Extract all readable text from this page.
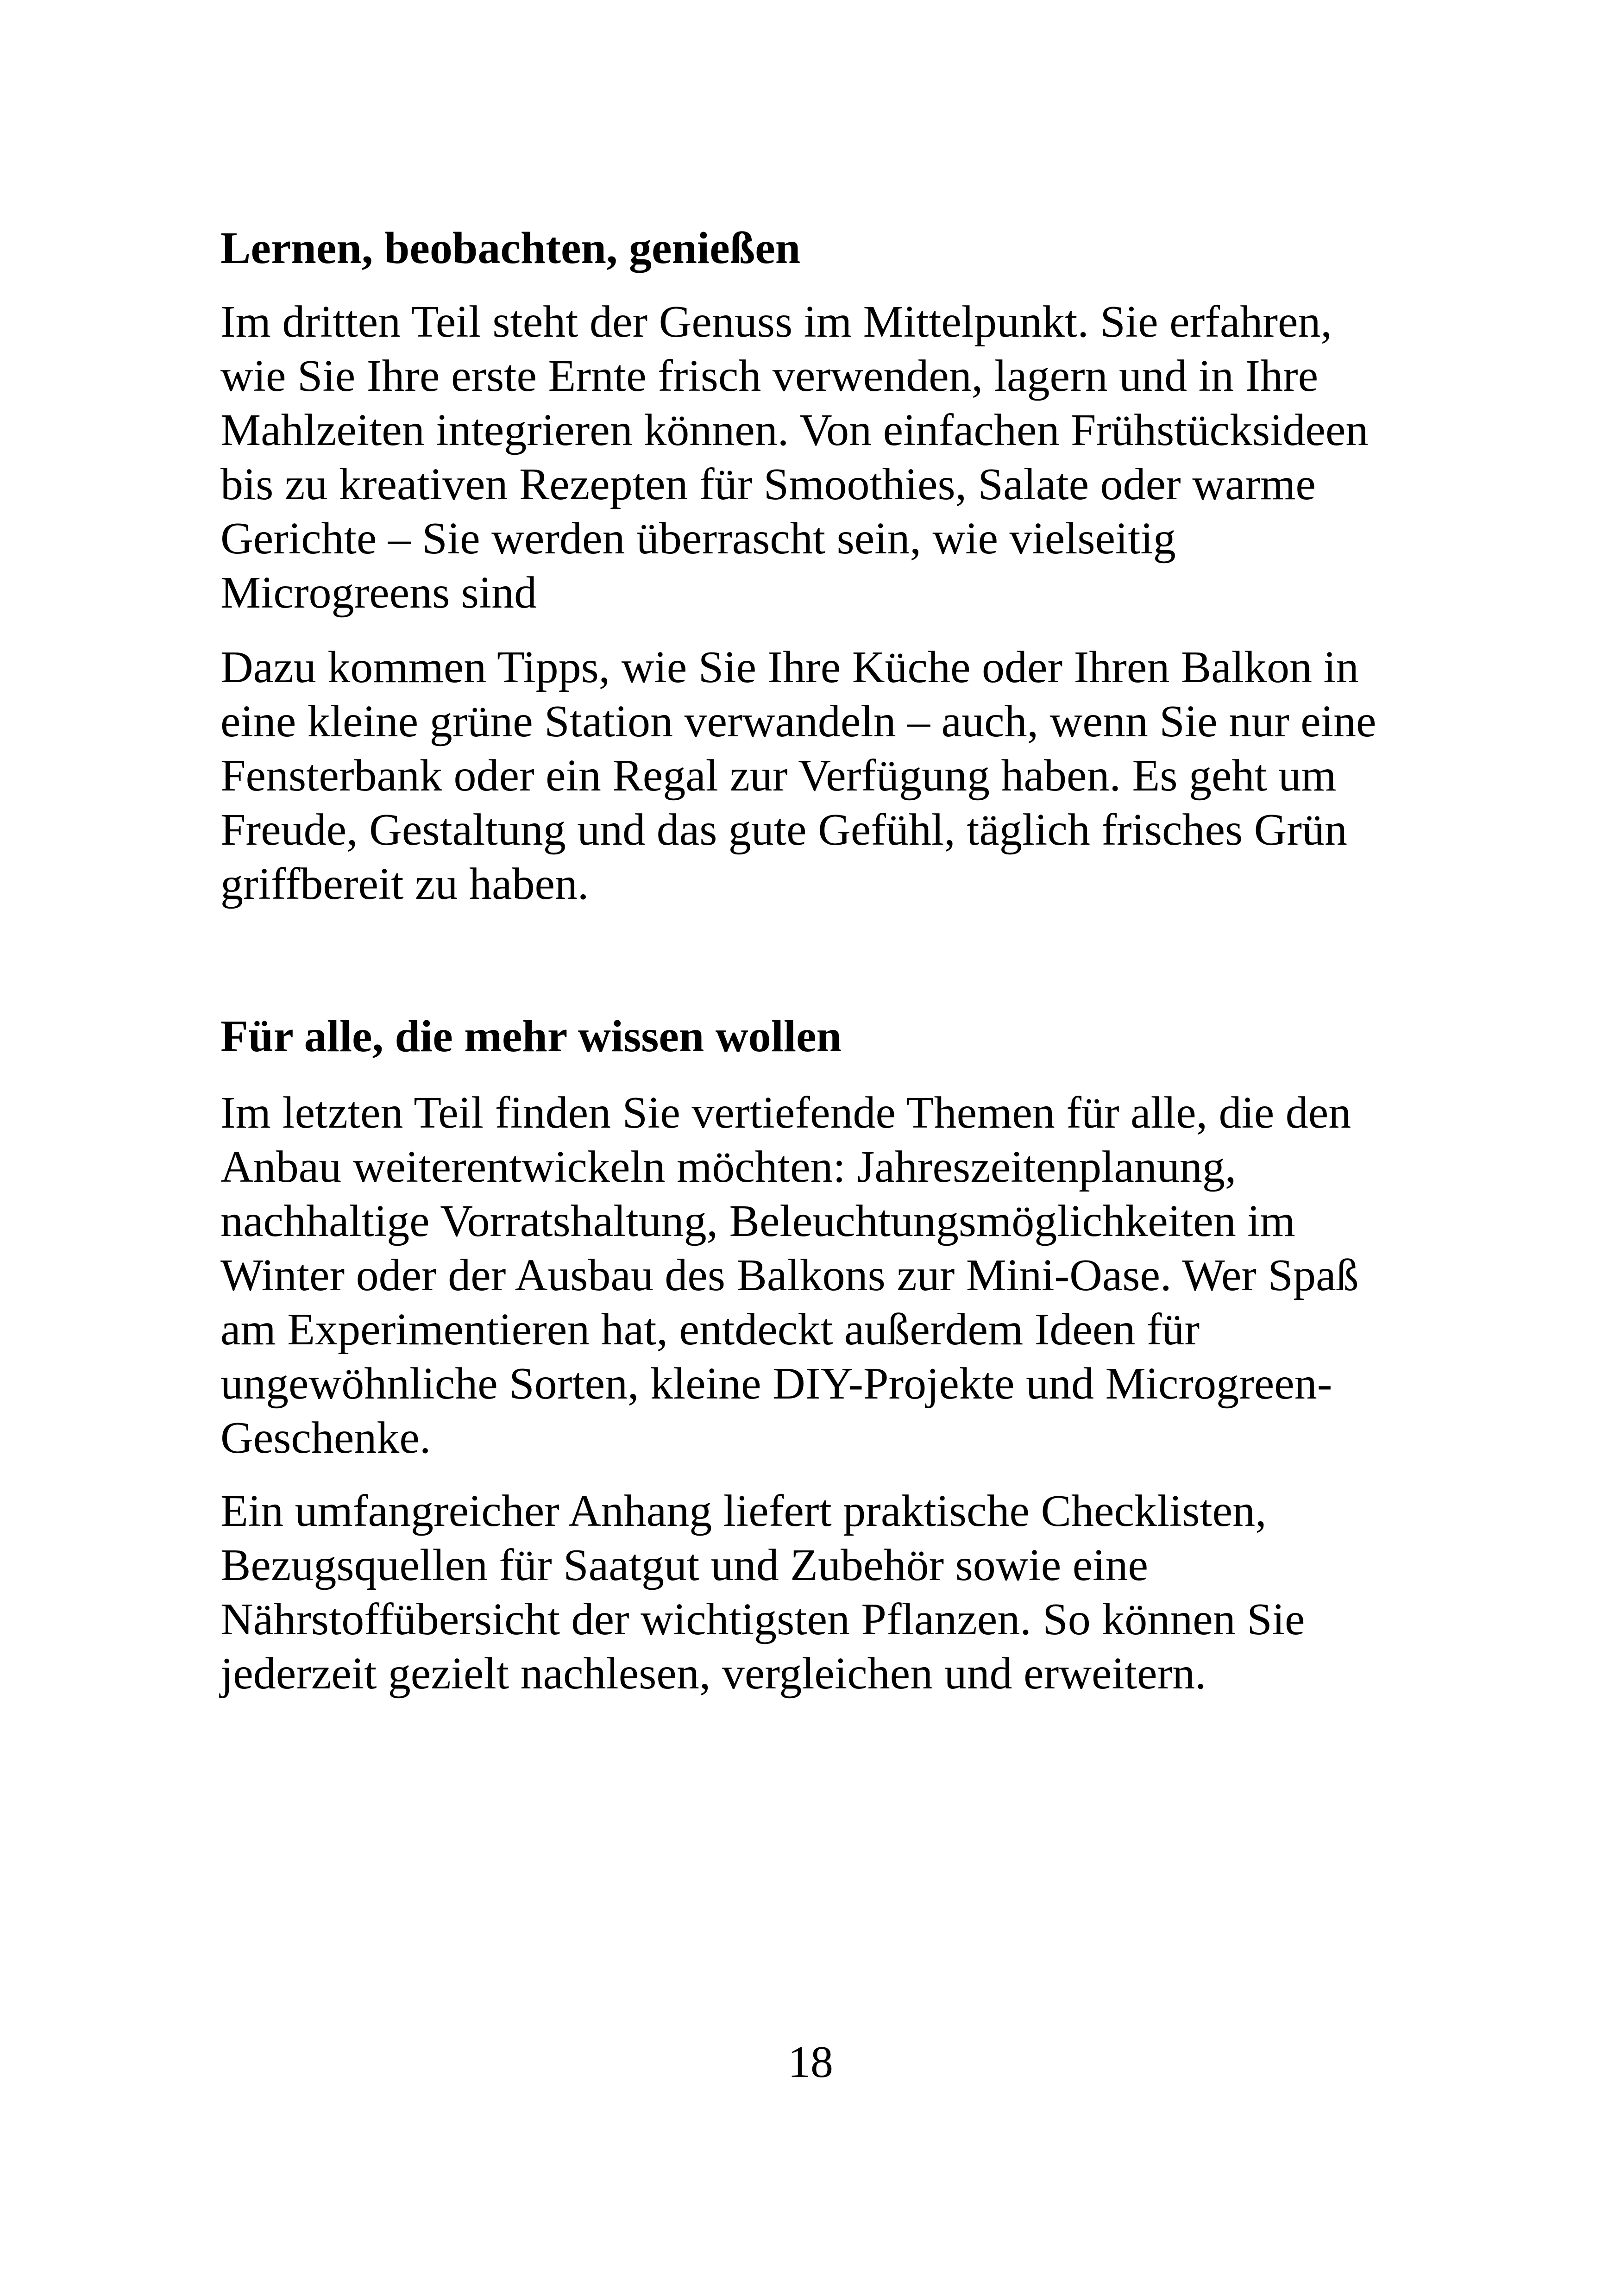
Lernen, beobachten, genießen

Im dritten Teil steht der Genuss im Mittelpunkt. Sie erfahren,
wie Sie Ihre erste Ernte frisch verwenden, lagern und in Ihre
Mahlzeiten integrieren können. Von einfachen Frühstücksideen
bis zu kreativen Rezepten für Smoothies, Salate oder warme
Gerichte – Sie werden überrascht sein, wie vielseitig
Microgreens sind

Dazu kommen Tipps, wie Sie Ihre Küche oder Ihren Balkon in
eine kleine grüne Station verwandeln – auch, wenn Sie nur eine
Fensterbank oder ein Regal zur Verfügung haben. Es geht um
Freude, Gestaltung und das gute Gefühl, täglich frisches Grün
griffbereit zu haben.

Für alle, die mehr wissen wollen

Im letzten Teil finden Sie vertiefende Themen für alle, die den
Anbau weiterentwickeln möchten: Jahreszeitenplanung,
nachhaltige Vorratshaltung, Beleuchtungsmöglichkeiten im
Winter oder der Ausbau des Balkons zur Mini-Oase. Wer Spaß
am Experimentieren hat, entdeckt außerdem Ideen für
ungewöhnliche Sorten, kleine DIY-Projekte und Microgreen-
Geschenke.

Ein umfangreicher Anhang liefert praktische Checklisten,
Bezugsquellen für Saatgut und Zubehör sowie eine
Nährstoffübersicht der wichtigsten Pflanzen. So können Sie
jederzeit gezielt nachlesen, vergleichen und erweitern.

18
